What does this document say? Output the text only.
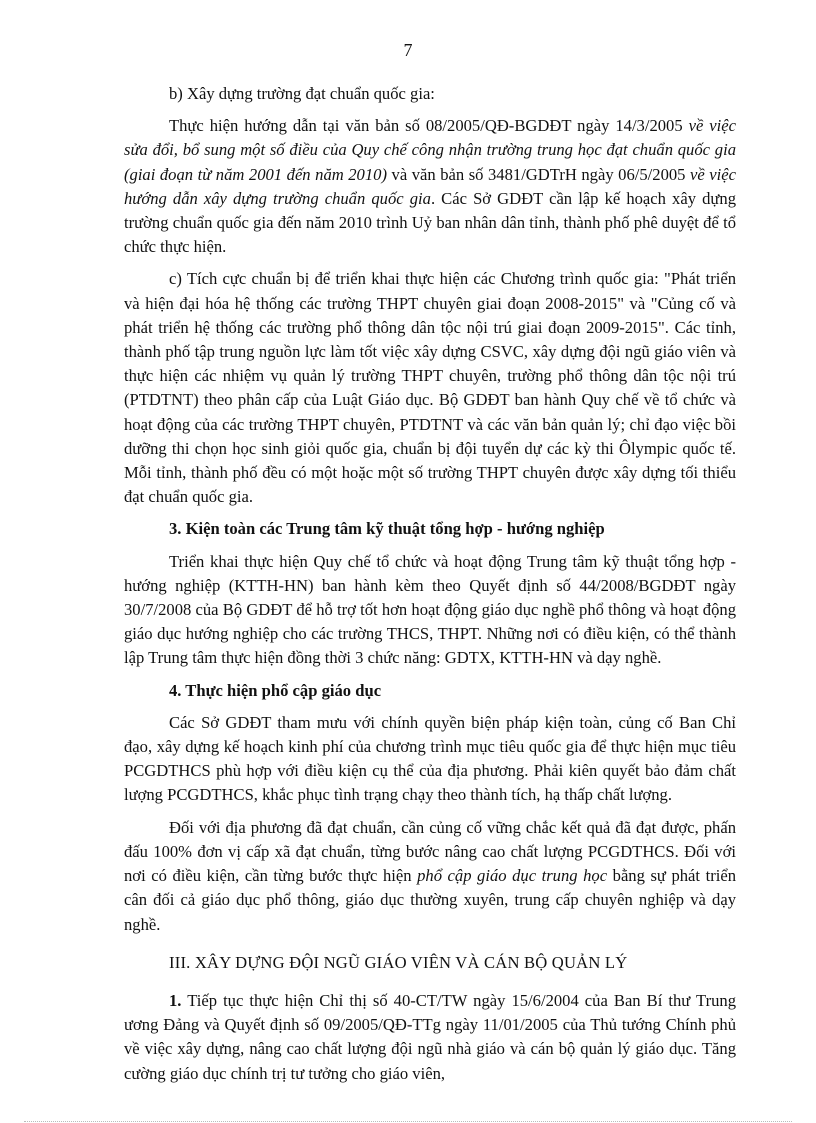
7

b) Xây dựng trường đạt chuẩn quốc gia:

Thực hiện hướng dẫn tại văn bản số 08/2005/QĐ-BGDĐT ngày 14/3/2005 về việc sửa đổi, bổ sung một số điều của Quy chế công nhận trường trung học đạt chuẩn quốc gia (giai đoạn từ năm 2001 đến năm 2010) và văn bản số 3481/GDTrH ngày 06/5/2005 về việc hướng dẫn xây dựng trường chuẩn quốc gia. Các Sở GDĐT cần lập kế hoạch xây dựng trường chuẩn quốc gia đến năm 2010 trình Uỷ ban nhân dân tỉnh, thành phố phê duyệt để tổ chức thực hiện.

c) Tích cực chuẩn bị để triển khai thực hiện các Chương trình quốc gia: "Phát triển và hiện đại hóa hệ thống các trường THPT chuyên giai đoạn 2008-2015" và "Củng cố và phát triển hệ thống các trường phổ thông dân tộc nội trú giai đoạn 2009-2015". Các tỉnh, thành phố tập trung nguồn lực làm tốt việc xây dựng CSVC, xây dựng đội ngũ giáo viên và thực hiện các nhiệm vụ quản lý trường THPT chuyên, trường phổ thông dân tộc nội trú (PTDTNT) theo phân cấp của Luật Giáo dục. Bộ GDĐT ban hành Quy chế về tổ chức và hoạt động của các trường THPT chuyên, PTDTNT và các văn bản quản lý; chỉ đạo việc bồi dưỡng thi chọn học sinh giỏi quốc gia, chuẩn bị đội tuyển dự các kỳ thi Ôlympic quốc tế. Mỗi tỉnh, thành phố đều có một hoặc một số trường THPT chuyên được xây dựng tối thiểu đạt chuẩn quốc gia.

3. Kiện toàn các Trung tâm kỹ thuật tổng hợp - hướng nghiệp

Triển khai thực hiện Quy chế tổ chức và hoạt động Trung tâm kỹ thuật tổng hợp - hướng nghiệp (KTTH-HN) ban hành kèm theo Quyết định số 44/2008/BGDĐT ngày 30/7/2008 của Bộ GDĐT để hỗ trợ tốt hơn hoạt động giáo dục nghề phổ thông và hoạt động giáo dục hướng nghiệp cho các trường THCS, THPT. Những nơi có điều kiện, có thể thành lập Trung tâm thực hiện đồng thời 3 chức năng: GDTX, KTTH-HN và dạy nghề.

4. Thực hiện phổ cập giáo dục

Các Sở GDĐT tham mưu với chính quyền biện pháp kiện toàn, củng cố Ban Chỉ đạo, xây dựng kế hoạch kinh phí của chương trình mục tiêu quốc gia để thực hiện mục tiêu PCGDTHCS phù hợp với điều kiện cụ thể của địa phương. Phải kiên quyết bảo đảm chất lượng PCGDTHCS, khắc phục tình trạng chạy theo thành tích, hạ thấp chất lượng.

Đối với địa phương đã đạt chuẩn, cần củng cố vững chắc kết quả đã đạt được, phấn đấu 100% đơn vị cấp xã đạt chuẩn, từng bước nâng cao chất lượng PCGDTHCS. Đối với nơi có điều kiện, cần từng bước thực hiện phổ cập giáo dục trung học bằng sự phát triển cân đối cả giáo dục phổ thông, giáo dục thường xuyên, trung cấp chuyên nghiệp và dạy nghề.

III. XÂY DỰNG ĐỘI NGŨ GIÁO VIÊN VÀ CÁN BỘ QUẢN LÝ

1. Tiếp tục thực hiện Chỉ thị số 40-CT/TW ngày 15/6/2004 của Ban Bí thư Trung ương Đảng và Quyết định số 09/2005/QĐ-TTg ngày 11/01/2005 của Thủ tướng Chính phủ về việc xây dựng, nâng cao chất lượng đội ngũ nhà giáo và cán bộ quản lý giáo dục. Tăng cường giáo dục chính trị tư tưởng cho giáo viên,
